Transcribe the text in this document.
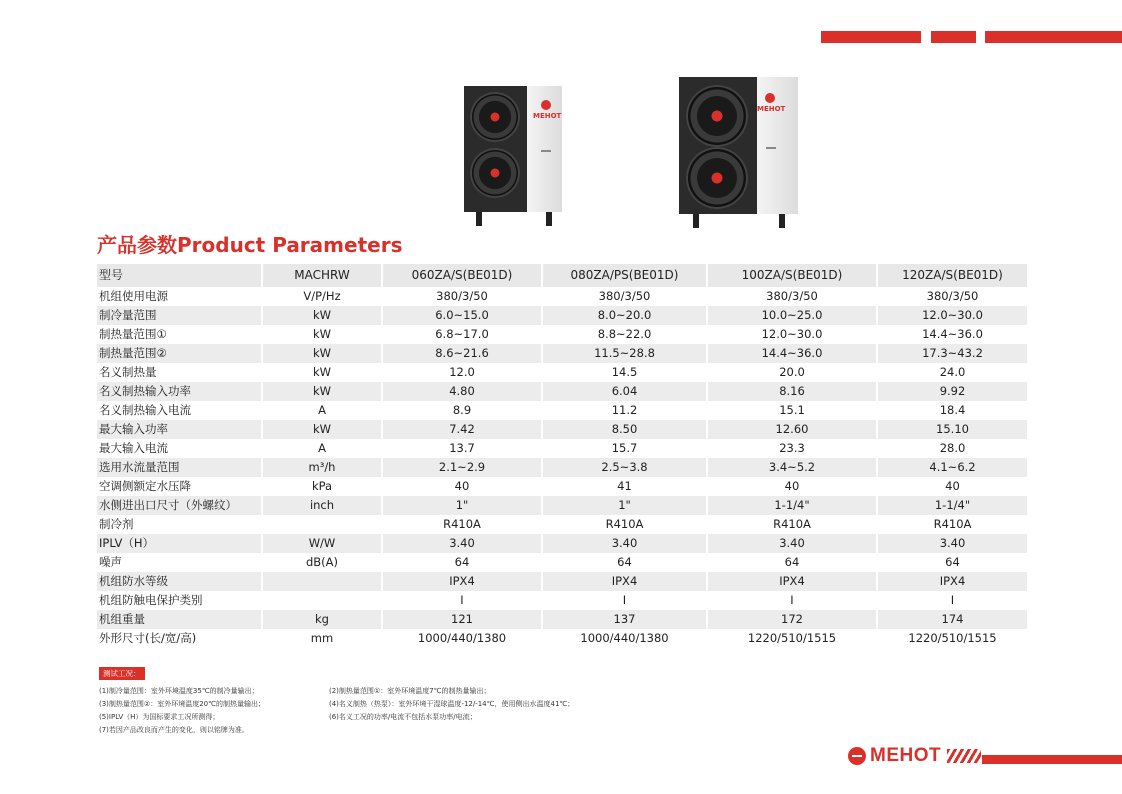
MEHOT
MEHOT
产品参数Product Parameters
型号	MACHRW	060ZA/S(BE01D)	080ZA/PS(BE01D)	100ZA/S(BE01D)	120ZA/S(BE01D)
机组使用电源	V/P/Hz	380/3/50	380/3/50	380/3/50	380/3/50
制冷量范围	kW	6.0~15.0	8.0~20.0	10.0~25.0	12.0~30.0
制热量范围①	kW	6.8~17.0	8.8~22.0	12.0~30.0	14.4~36.0
制热量范围②	kW	8.6~21.6	11.5~28.8	14.4~36.0	17.3~43.2
名义制热量	kW	12.0	14.5	20.0	24.0
名义制热输入功率	kW	4.80	6.04	8.16	9.92
名义制热输入电流	A	8.9	11.2	15.1	18.4
最大输入功率	kW	7.42	8.50	12.60	15.10
最大输入电流	A	13.7	15.7	23.3	28.0
选用水流量范围	m³/h	2.1~2.9	2.5~3.8	3.4~5.2	4.1~6.2
空调侧额定水压降	kPa	40	41	40	40
水侧进出口尺寸（外螺纹）	inch	1"	1"	1-1/4"	1-1/4"
制冷剂		R410A	R410A	R410A	R410A
IPLV（H）	W/W	3.40	3.40	3.40	3.40
噪声	dB(A)	64	64	64	64
机组防水等级		IPX4	IPX4	IPX4	IPX4
机组防触电保护类别		I	I	I	I
机组重量	kg	121	137	172	174
外形尺寸(长/宽/高)	mm	1000/440/1380	1000/440/1380	1220/510/1515	1220/510/1515
测试工况：
(1)制冷量范围：室外环境温度35℃的制冷量输出；	(2)制热量范围①：室外环境温度7℃的制热量输出；
(3)制热量范围②：室外环境温度20℃的制热量输出；	(4)名义制热（热泵）：室外环境干湿球温度-12/-14℃，使用侧出水温度41℃；
(5)IPLV（H）为国标要求工况所测得；	(6)名义工况的功率/电流不包括水泵功率/电流；
(7)若因产品改良而产生的变化，则以铭牌为准。
MEHOT
